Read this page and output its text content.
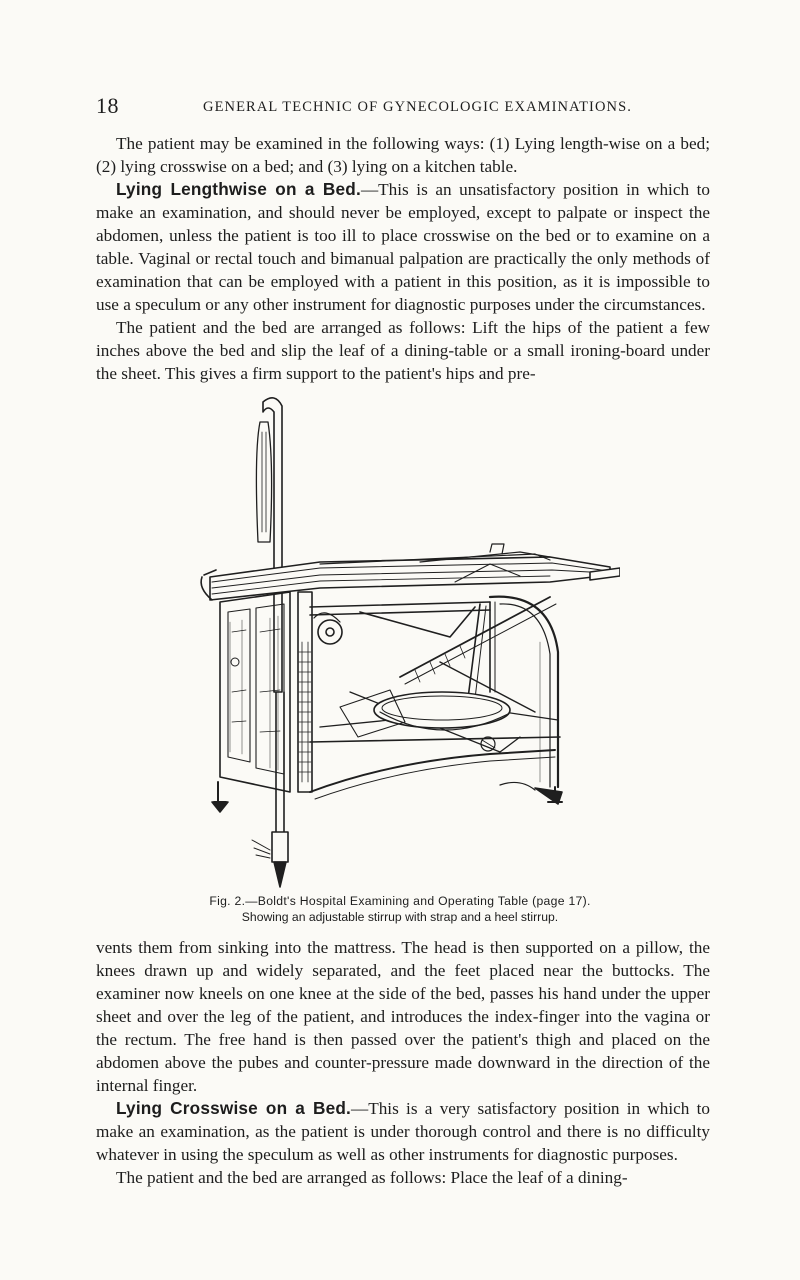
18	GENERAL TECHNIC OF GYNECOLOGIC EXAMINATIONS.

The patient may be examined in the following ways: (1) Lying length-wise on a bed; (2) lying crosswise on a bed; and (3) lying on a kitchen table.

Lying Lengthwise on a Bed.—This is an unsatisfactory position in which to make an examination, and should never be employed, except to palpate or inspect the abdomen, unless the patient is too ill to place crosswise on the bed or to examine on a table. Vaginal or rectal touch and bimanual palpation are practically the only methods of examination that can be employed with a patient in this position, as it is impossible to use a speculum or any other instrument for diagnostic purposes under the circumstances.

The patient and the bed are arranged as follows: Lift the hips of the patient a few inches above the bed and slip the leaf of a dining-table or a small ironing-board under the sheet. This gives a firm support to the patient's hips and pre-

Fig. 2.—Boldt's Hospital Examining and Operating Table (page 17).
Showing an adjustable stirrup with strap and a heel stirrup.

vents them from sinking into the mattress. The head is then supported on a pillow, the knees drawn up and widely separated, and the feet placed near the buttocks. The examiner now kneels on one knee at the side of the bed, passes his hand under the upper sheet and over the leg of the patient, and introduces the index-finger into the vagina or the rectum. The free hand is then passed over the patient's thigh and placed on the abdomen above the pubes and counter-pressure made downward in the direction of the internal finger.

Lying Crosswise on a Bed.—This is a very satisfactory position in which to make an examination, as the patient is under thorough control and there is no difficulty whatever in using the speculum as well as other instruments for diagnostic purposes.

The patient and the bed are arranged as follows: Place the leaf of a dining-
